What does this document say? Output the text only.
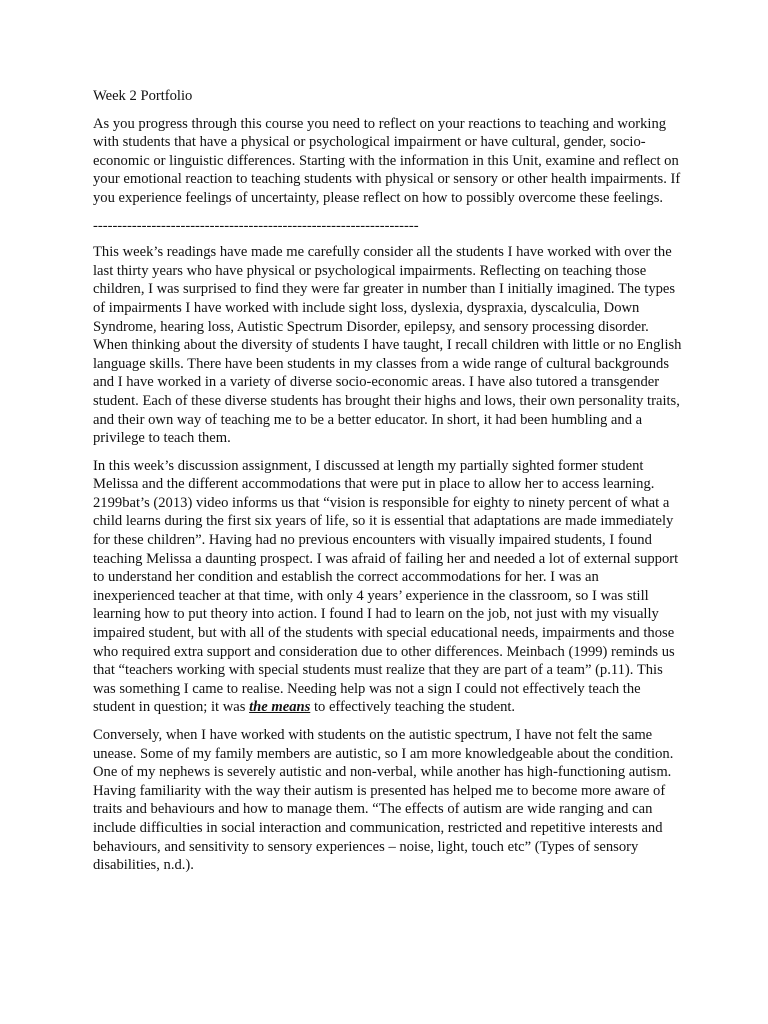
Week 2 Portfolio

As you progress through this course you need to reflect on your reactions to teaching and working with students that have a physical or psychological impairment or have cultural, gender, socio-economic or linguistic differences. Starting with the information in this Unit, examine and reflect on your emotional reaction to teaching students with physical or sensory or other health impairments. If you experience feelings of uncertainty, please reflect on how to possibly overcome these feelings.

-------------------------------------------------------------------

This week’s readings have made me carefully consider all the students I have worked with over the last thirty years who have physical or psychological impairments. Reflecting on teaching those children, I was surprised to find they were far greater in number than I initially imagined. The types of impairments I have worked with include sight loss, dyslexia, dyspraxia, dyscalculia, Down Syndrome, hearing loss, Autistic Spectrum Disorder, epilepsy, and sensory processing disorder. When thinking about the diversity of students I have taught, I recall children with little or no English language skills. There have been students in my classes from a wide range of cultural backgrounds and I have worked in a variety of diverse socio-economic areas. I have also tutored a transgender student. Each of these diverse students has brought their highs and lows, their own personality traits, and their own way of teaching me to be a better educator. In short, it had been humbling and a privilege to teach them.

In this week’s discussion assignment, I discussed at length my partially sighted former student Melissa and the different accommodations that were put in place to allow her to access learning. 2199bat’s (2013) video informs us that “vision is responsible for eighty to ninety percent of what a child learns during the first six years of life, so it is essential that adaptations are made immediately for these children”. Having had no previous encounters with visually impaired students, I found teaching Melissa a daunting prospect. I was afraid of failing her and needed a lot of external support to understand her condition and establish the correct accommodations for her. I was an inexperienced teacher at that time, with only 4 years’ experience in the classroom, so I was still learning how to put theory into action. I found I had to learn on the job, not just with my visually impaired student, but with all of the students with special educational needs, impairments and those who required extra support and consideration due to other differences. Meinbach (1999) reminds us that “teachers working with special students must realize that they are part of a team” (p.11). This was something I came to realise. Needing help was not a sign I could not effectively teach the student in question; it was the means to effectively teaching the student.

Conversely, when I have worked with students on the autistic spectrum, I have not felt the same unease. Some of my family members are autistic, so I am more knowledgeable about the condition. One of my nephews is severely autistic and non-verbal, while another has high-functioning autism. Having familiarity with the way their autism is presented has helped me to become more aware of traits and behaviours and how to manage them. “The effects of autism are wide ranging and can include difficulties in social interaction and communication, restricted and repetitive interests and behaviours, and sensitivity to sensory experiences – noise, light, touch etc” (Types of sensory disabilities, n.d.).
